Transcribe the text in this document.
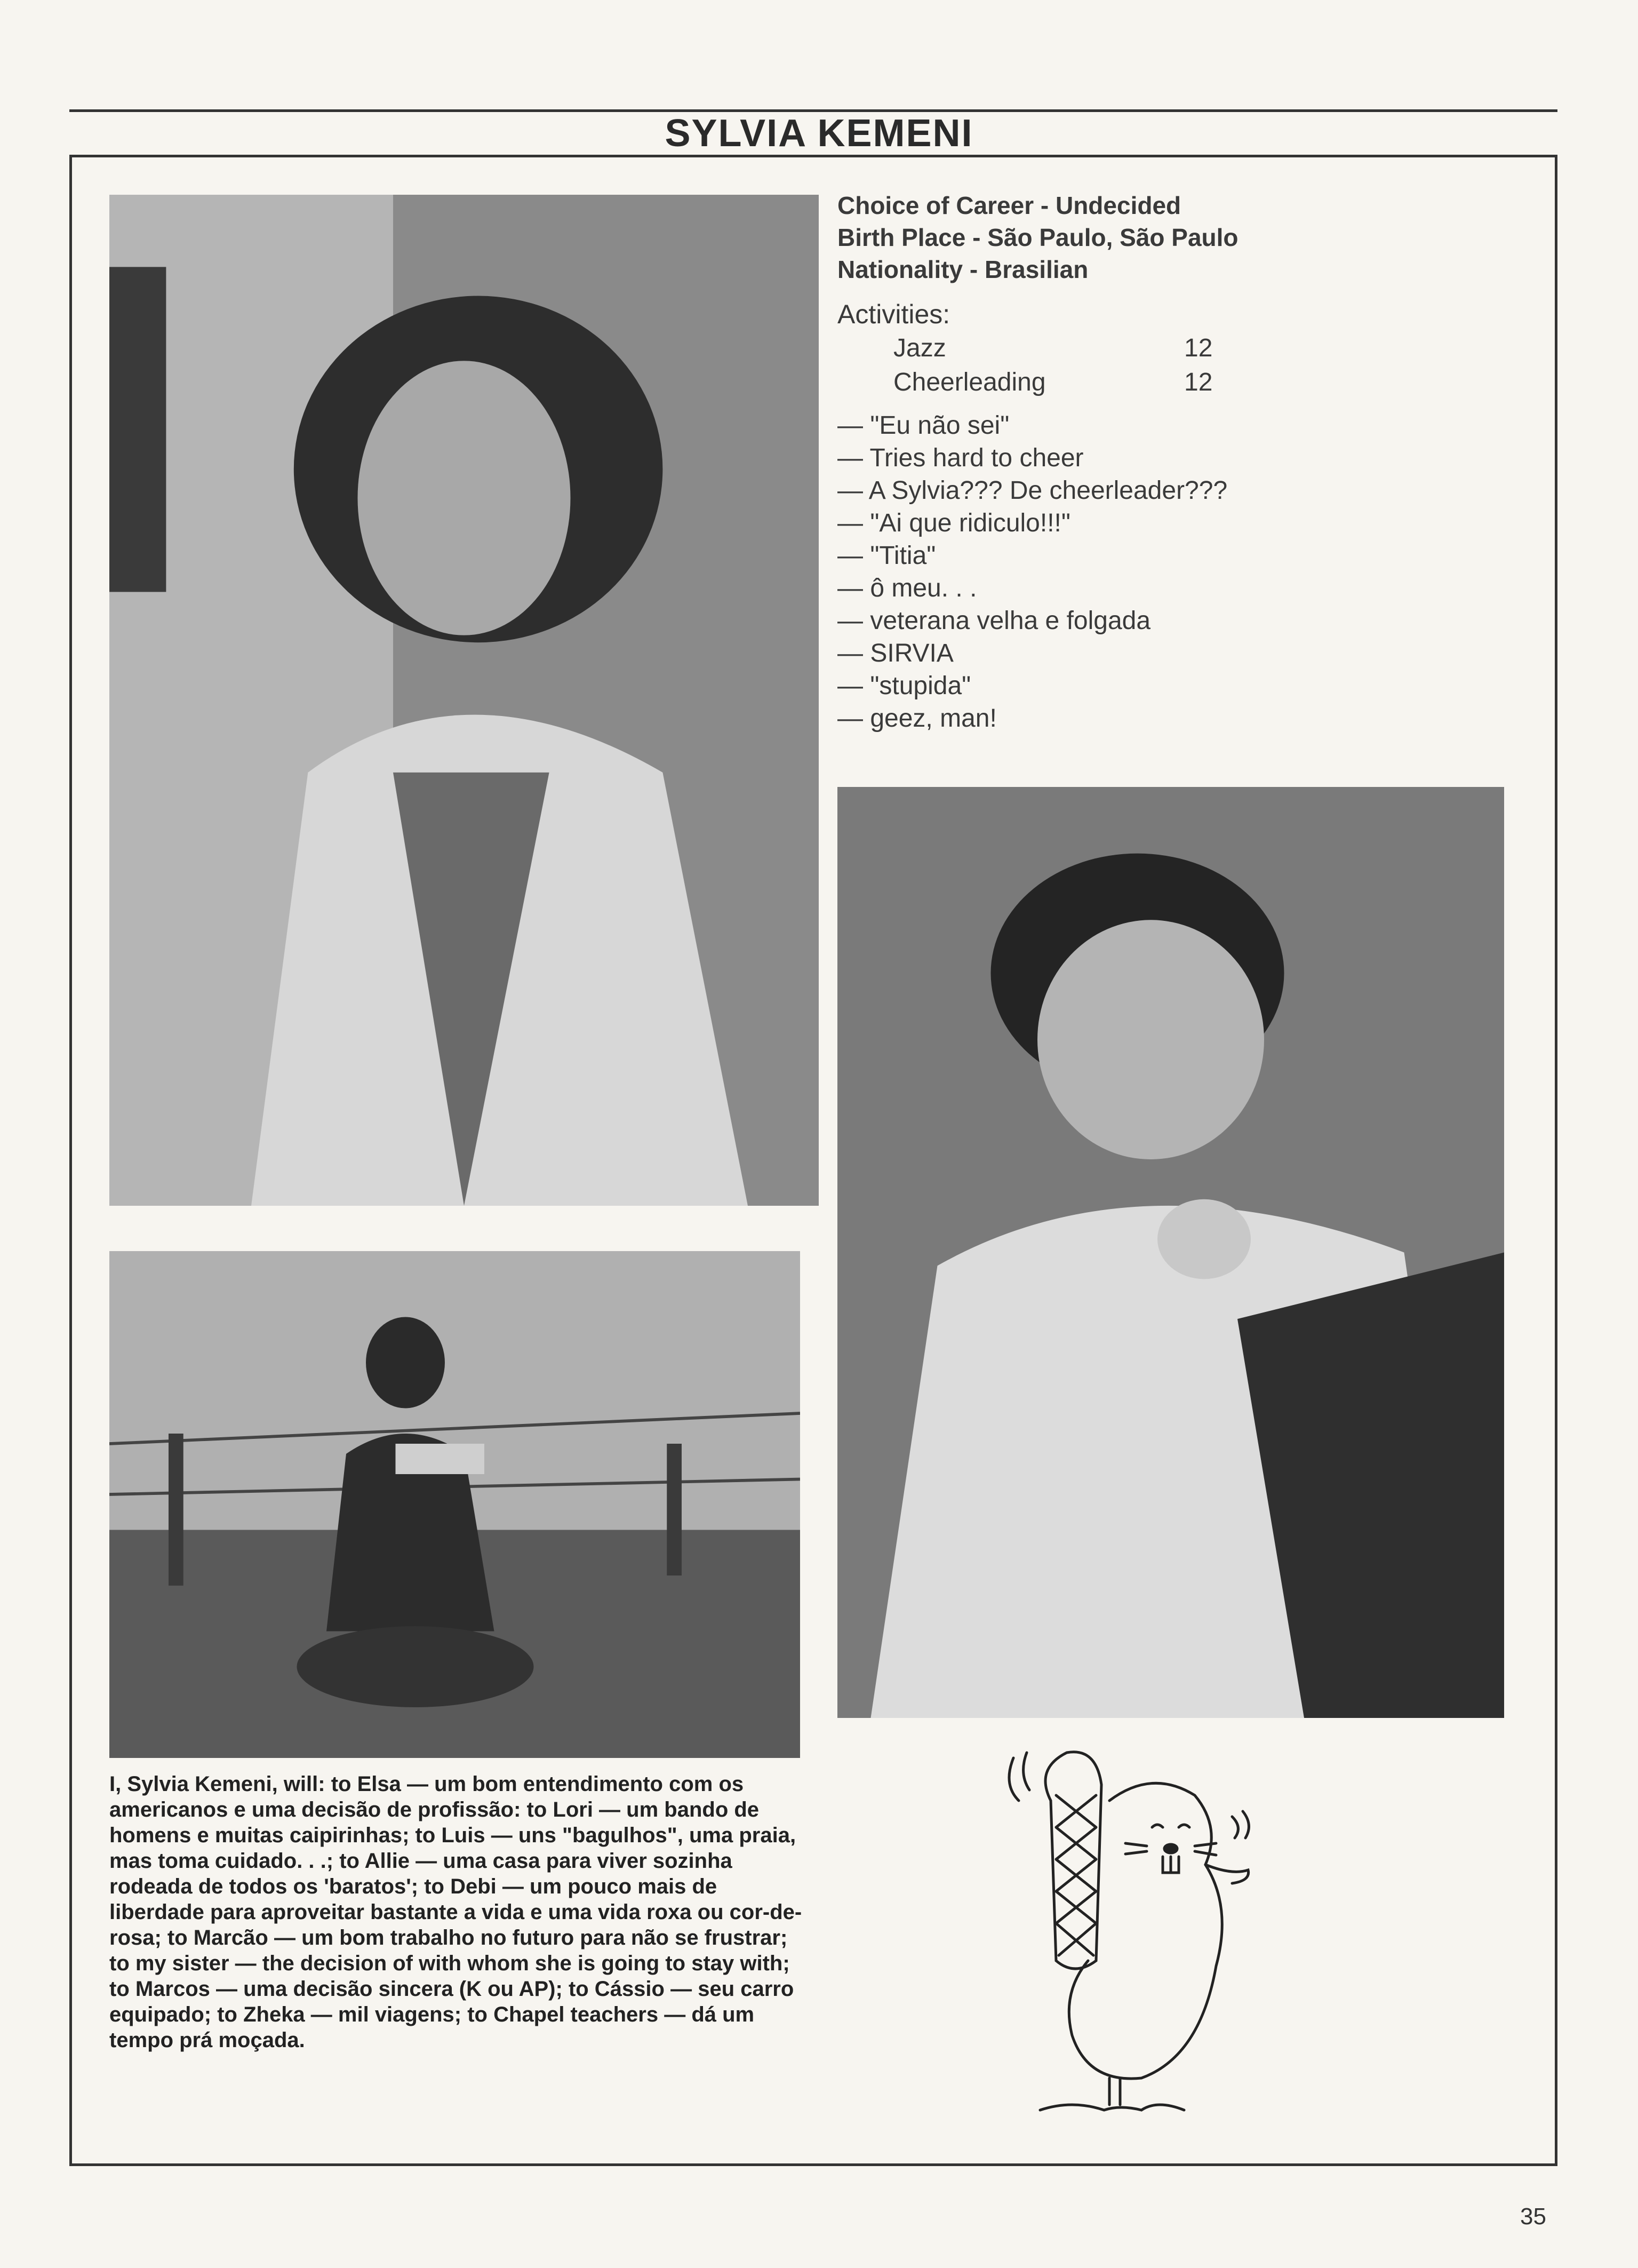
SYLVIA KEMENI
Choice of Career - Undecided
Birth Place - São Paulo, São Paulo
Nationality - Brasilian
Activities:
Jazz	12
Cheerleading	12
— "Eu não sei"
— Tries hard to cheer
— A Sylvia??? De cheerleader???
— "Ai que ridiculo!!!"
— "Titia"
— ô meu. . .
— veterana velha e folgada
— SIRVIA
— "stupida"
— geez, man!
I, Sylvia Kemeni, will: to Elsa — um bom entendimento com os americanos e uma decisão de profissão: to Lori — um bando de homens e muitas caipirinhas; to Luis — uns "bagulhos", uma praia, mas toma cuidado. . .; to Allie — uma casa para viver sozinha rodeada de todos os 'baratos'; to Debi — um pouco mais de liberdade para aproveitar bastante a vida e uma vida roxa ou cor-de-rosa; to Marcão — um bom trabalho no futuro para não se frustrar; to my sister — the decision of with whom she is going to stay with; to Marcos — uma decisão sincera (K ou AP); to Cássio — seu carro equipado; to Zheka — mil viagens; to Chapel teachers — dá um tempo prá moçada.
35
